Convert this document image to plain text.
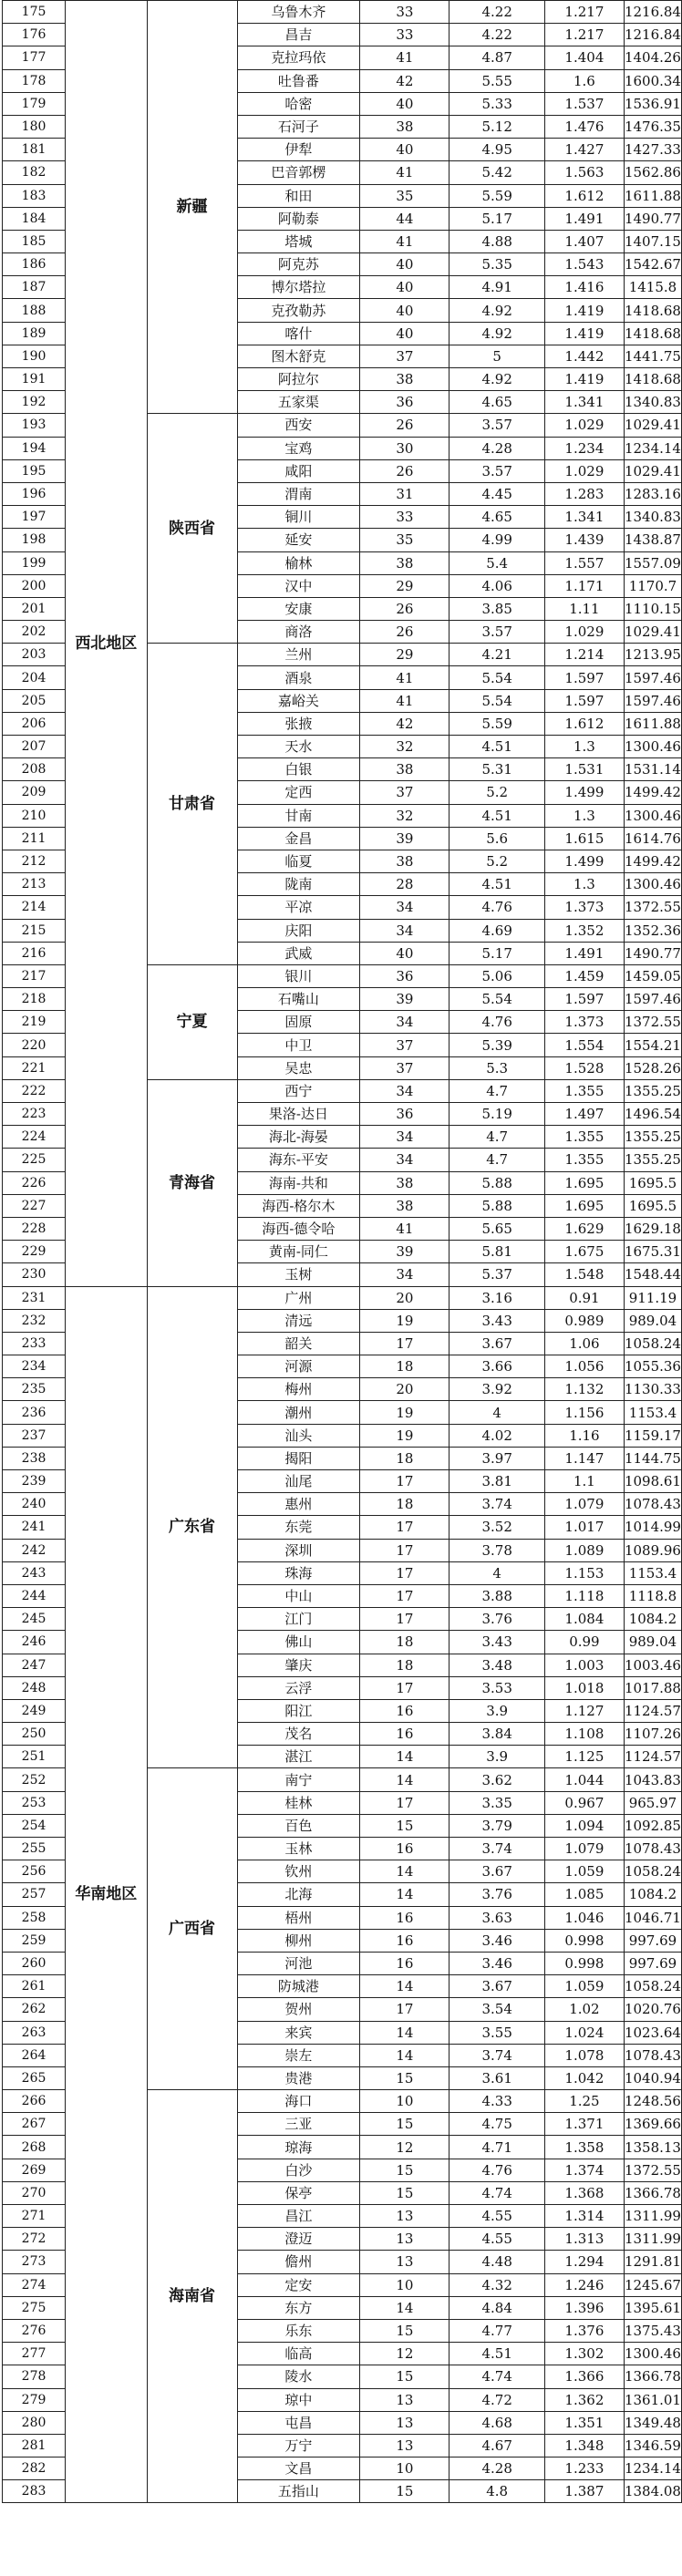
175	西北地区	新疆	乌鲁木齐	33	4.22	1.217	1216.84
176			昌吉	33	4.22	1.217	1216.84
177			克拉玛依	41	4.87	1.404	1404.26
178			吐鲁番	42	5.55	1.6	1600.34
179			哈密	40	5.33	1.537	1536.91
180			石河子	38	5.12	1.476	1476.35
181			伊犁	40	4.95	1.427	1427.33
182			巴音郭楞	41	5.42	1.563	1562.86
183			和田	35	5.59	1.612	1611.88
184			阿勒泰	44	5.17	1.491	1490.77
185			塔城	41	4.88	1.407	1407.15
186			阿克苏	40	5.35	1.543	1542.67
187			博尔塔拉	40	4.91	1.416	1415.8
188			克孜勒苏	40	4.92	1.419	1418.68
189			喀什	40	4.92	1.419	1418.68
190			图木舒克	37	5	1.442	1441.75
191			阿拉尔	38	4.92	1.419	1418.68
192			五家渠	36	4.65	1.341	1340.83
193		陕西省	西安	26	3.57	1.029	1029.41
194			宝鸡	30	4.28	1.234	1234.14
195			咸阳	26	3.57	1.029	1029.41
196			渭南	31	4.45	1.283	1283.16
197			铜川	33	4.65	1.341	1340.83
198			延安	35	4.99	1.439	1438.87
199			榆林	38	5.4	1.557	1557.09
200			汉中	29	4.06	1.171	1170.7
201			安康	26	3.85	1.11	1110.15
202			商洛	26	3.57	1.029	1029.41
203		甘肃省	兰州	29	4.21	1.214	1213.95
204			酒泉	41	5.54	1.597	1597.46
205			嘉峪关	41	5.54	1.597	1597.46
206			张掖	42	5.59	1.612	1611.88
207			天水	32	4.51	1.3	1300.46
208			白银	38	5.31	1.531	1531.14
209			定西	37	5.2	1.499	1499.42
210			甘南	32	4.51	1.3	1300.46
211			金昌	39	5.6	1.615	1614.76
212			临夏	38	5.2	1.499	1499.42
213			陇南	28	4.51	1.3	1300.46
214			平凉	34	4.76	1.373	1372.55
215			庆阳	34	4.69	1.352	1352.36
216			武威	40	5.17	1.491	1490.77
217		宁夏	银川	36	5.06	1.459	1459.05
218			石嘴山	39	5.54	1.597	1597.46
219			固原	34	4.76	1.373	1372.55
220			中卫	37	5.39	1.554	1554.21
221			吴忠	37	5.3	1.528	1528.26
222		青海省	西宁	34	4.7	1.355	1355.25
223			果洛-达日	36	5.19	1.497	1496.54
224			海北-海晏	34	4.7	1.355	1355.25
225			海东-平安	34	4.7	1.355	1355.25
226			海南-共和	38	5.88	1.695	1695.5
227			海西-格尔木	38	5.88	1.695	1695.5
228			海西-德令哈	41	5.65	1.629	1629.18
229			黄南-同仁	39	5.81	1.675	1675.31
230			玉树	34	5.37	1.548	1548.44
231	华南地区	广东省	广州	20	3.16	0.91	911.19
232			清远	19	3.43	0.989	989.04
233			韶关	17	3.67	1.06	1058.24
234			河源	18	3.66	1.056	1055.36
235			梅州	20	3.92	1.132	1130.33
236			潮州	19	4	1.156	1153.4
237			汕头	19	4.02	1.16	1159.17
238			揭阳	18	3.97	1.147	1144.75
239			汕尾	17	3.81	1.1	1098.61
240			惠州	18	3.74	1.079	1078.43
241			东莞	17	3.52	1.017	1014.99
242			深圳	17	3.78	1.089	1089.96
243			珠海	17	4	1.153	1153.4
244			中山	17	3.88	1.118	1118.8
245			江门	17	3.76	1.084	1084.2
246			佛山	18	3.43	0.99	989.04
247			肇庆	18	3.48	1.003	1003.46
248			云浮	17	3.53	1.018	1017.88
249			阳江	16	3.9	1.127	1124.57
250			茂名	16	3.84	1.108	1107.26
251			湛江	14	3.9	1.125	1124.57
252		广西省	南宁	14	3.62	1.044	1043.83
253			桂林	17	3.35	0.967	965.97
254			百色	15	3.79	1.094	1092.85
255			玉林	16	3.74	1.079	1078.43
256			钦州	14	3.67	1.059	1058.24
257			北海	14	3.76	1.085	1084.2
258			梧州	16	3.63	1.046	1046.71
259			柳州	16	3.46	0.998	997.69
260			河池	16	3.46	0.998	997.69
261			防城港	14	3.67	1.059	1058.24
262			贺州	17	3.54	1.02	1020.76
263			来宾	14	3.55	1.024	1023.64
264			崇左	14	3.74	1.078	1078.43
265			贵港	15	3.61	1.042	1040.94
266		海南省	海口	10	4.33	1.25	1248.56
267			三亚	15	4.75	1.371	1369.66
268			琼海	12	4.71	1.358	1358.13
269			白沙	15	4.76	1.374	1372.55
270			保亭	15	4.74	1.368	1366.78
271			昌江	13	4.55	1.314	1311.99
272			澄迈	13	4.55	1.313	1311.99
273			儋州	13	4.48	1.294	1291.81
274			定安	10	4.32	1.246	1245.67
275			东方	14	4.84	1.396	1395.61
276			乐东	15	4.77	1.376	1375.43
277			临高	12	4.51	1.302	1300.46
278			陵水	15	4.74	1.366	1366.78
279			琼中	13	4.72	1.362	1361.01
280			屯昌	13	4.68	1.351	1349.48
281			万宁	13	4.67	1.348	1346.59
282			文昌	10	4.28	1.233	1234.14
283			五指山	15	4.8	1.387	1384.08
